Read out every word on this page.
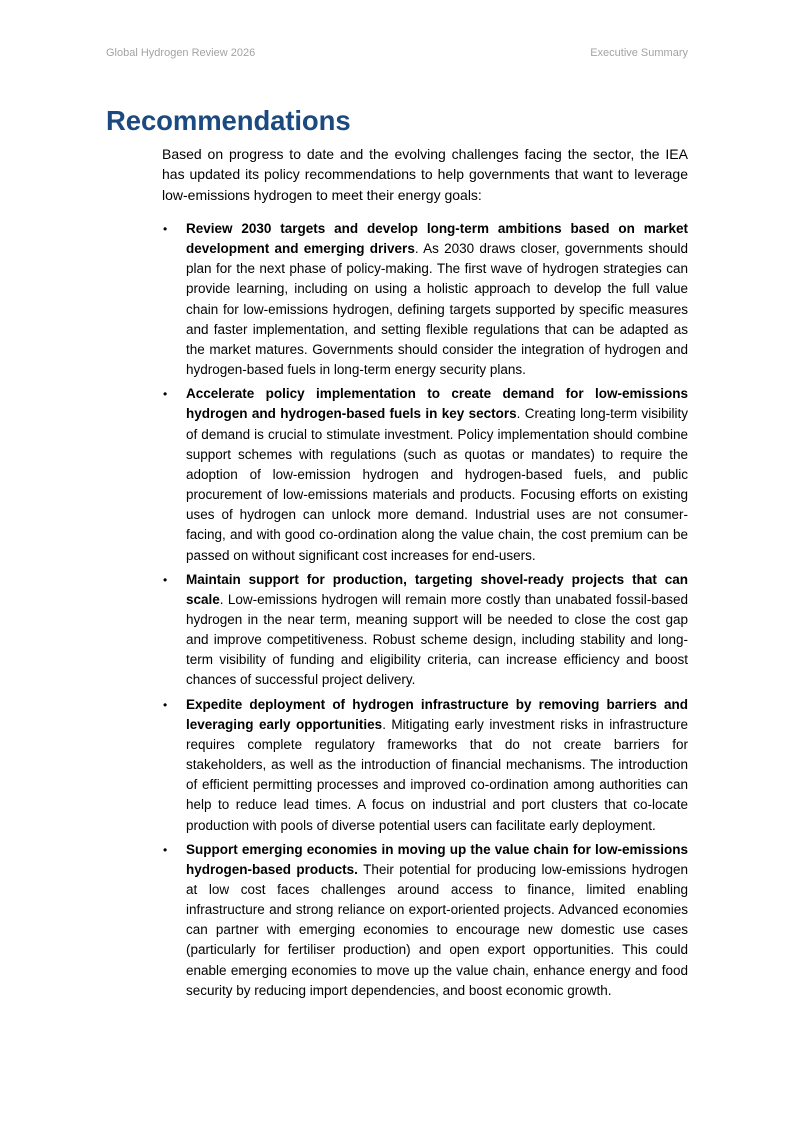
Global Hydrogen Review 2026	Executive Summary
Recommendations

Based on progress to date and the evolving challenges facing the sector, the IEA has updated its policy recommendations to help governments that want to leverage low-emissions hydrogen to meet their energy goals:

• Review 2030 targets and develop long-term ambitions based on market development and emerging drivers. As 2030 draws closer, governments should plan for the next phase of policy-making. The first wave of hydrogen strategies can provide learning, including on using a holistic approach to develop the full value chain for low-emissions hydrogen, defining targets supported by specific measures and faster implementation, and setting flexible regulations that can be adapted as the market matures. Governments should consider the integration of hydrogen and hydrogen-based fuels in long-term energy security plans.
• Accelerate policy implementation to create demand for low-emissions hydrogen and hydrogen-based fuels in key sectors. Creating long-term visibility of demand is crucial to stimulate investment. Policy implementation should combine support schemes with regulations (such as quotas or mandates) to require the adoption of low-emission hydrogen and hydrogen-based fuels, and public procurement of low-emissions materials and products. Focusing efforts on existing uses of hydrogen can unlock more demand. Industrial uses are not consumer-facing, and with good co-ordination along the value chain, the cost premium can be passed on without significant cost increases for end-users.
• Maintain support for production, targeting shovel-ready projects that can scale. Low-emissions hydrogen will remain more costly than unabated fossil-based hydrogen in the near term, meaning support will be needed to close the cost gap and improve competitiveness. Robust scheme design, including stability and long-term visibility of funding and eligibility criteria, can increase efficiency and boost chances of successful project delivery.
• Expedite deployment of hydrogen infrastructure by removing barriers and leveraging early opportunities. Mitigating early investment risks in infrastructure requires complete regulatory frameworks that do not create barriers for stakeholders, as well as the introduction of financial mechanisms. The introduction of efficient permitting processes and improved co-ordination among authorities can help to reduce lead times. A focus on industrial and port clusters that co-locate production with pools of diverse potential users can facilitate early deployment.
• Support emerging economies in moving up the value chain for low-emissions hydrogen-based products. Their potential for producing low-emissions hydrogen at low cost faces challenges around access to finance, limited enabling infrastructure and strong reliance on export-oriented projects. Advanced economies can partner with emerging economies to encourage new domestic use cases (particularly for fertiliser production) and open export opportunities. This could enable emerging economies to move up the value chain, enhance energy and food security by reducing import dependencies, and boost economic growth.
